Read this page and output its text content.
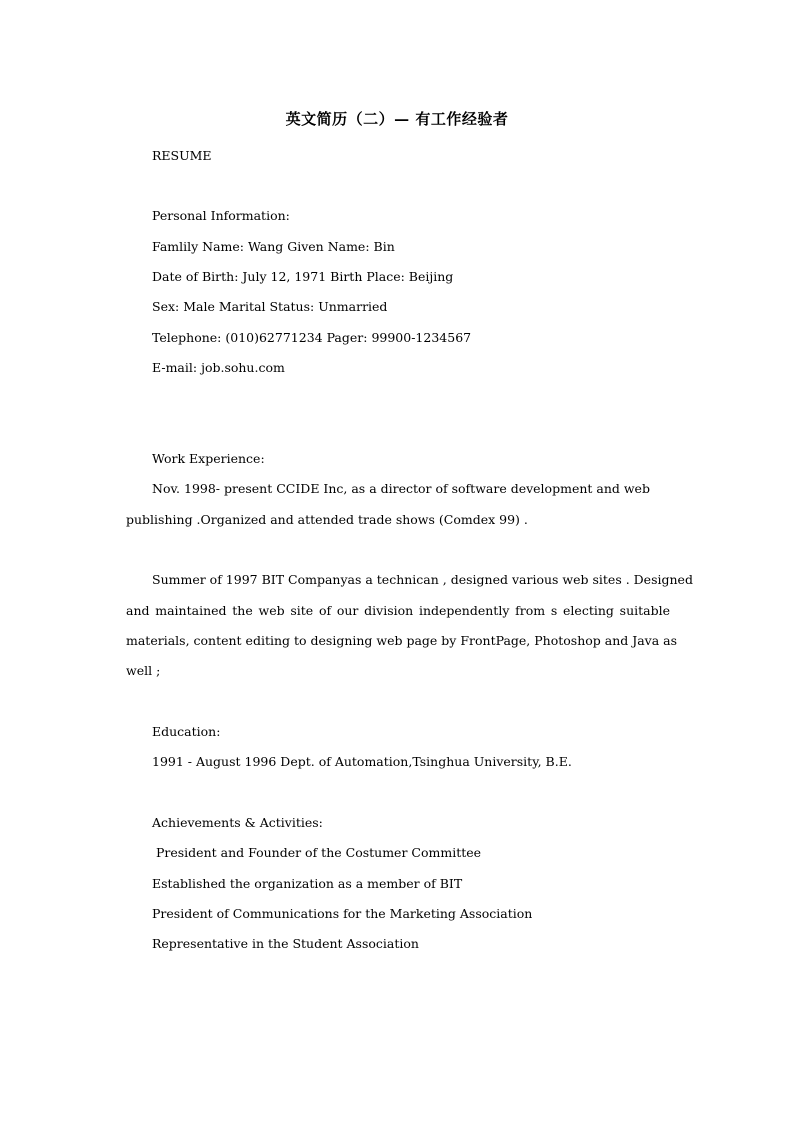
英文简历（二）— 有工作经验者
RESUME
Personal Information:
Famlily Name: Wang Given Name: Bin
Date of Birth: July 12, 1971 Birth Place: Beijing
Sex: Male Marital Status: Unmarried
Telephone: (010)62771234 Pager: 99900-1234567
E-mail: job.sohu.com
Work Experience:
Nov. 1998- present CCIDE Inc, as a director of software development and web
publishing .Organized and attended trade shows (Comdex 99) .
Summer of 1997 BIT Companyas a technican , designed various web sites . Designed
and maintained the web site of our division independently from s electing suitable
materials, content editing to designing web page by FrontPage, Photoshop and Java as
well ;
Education:
1991 - August 1996 Dept. of Automation,Tsinghua University, B.E.
Achievements & Activities:
President and Founder of the Costumer Committee
Established the organization as a member of BIT
President of Communications for the Marketing Association
Representative in the Student Association
